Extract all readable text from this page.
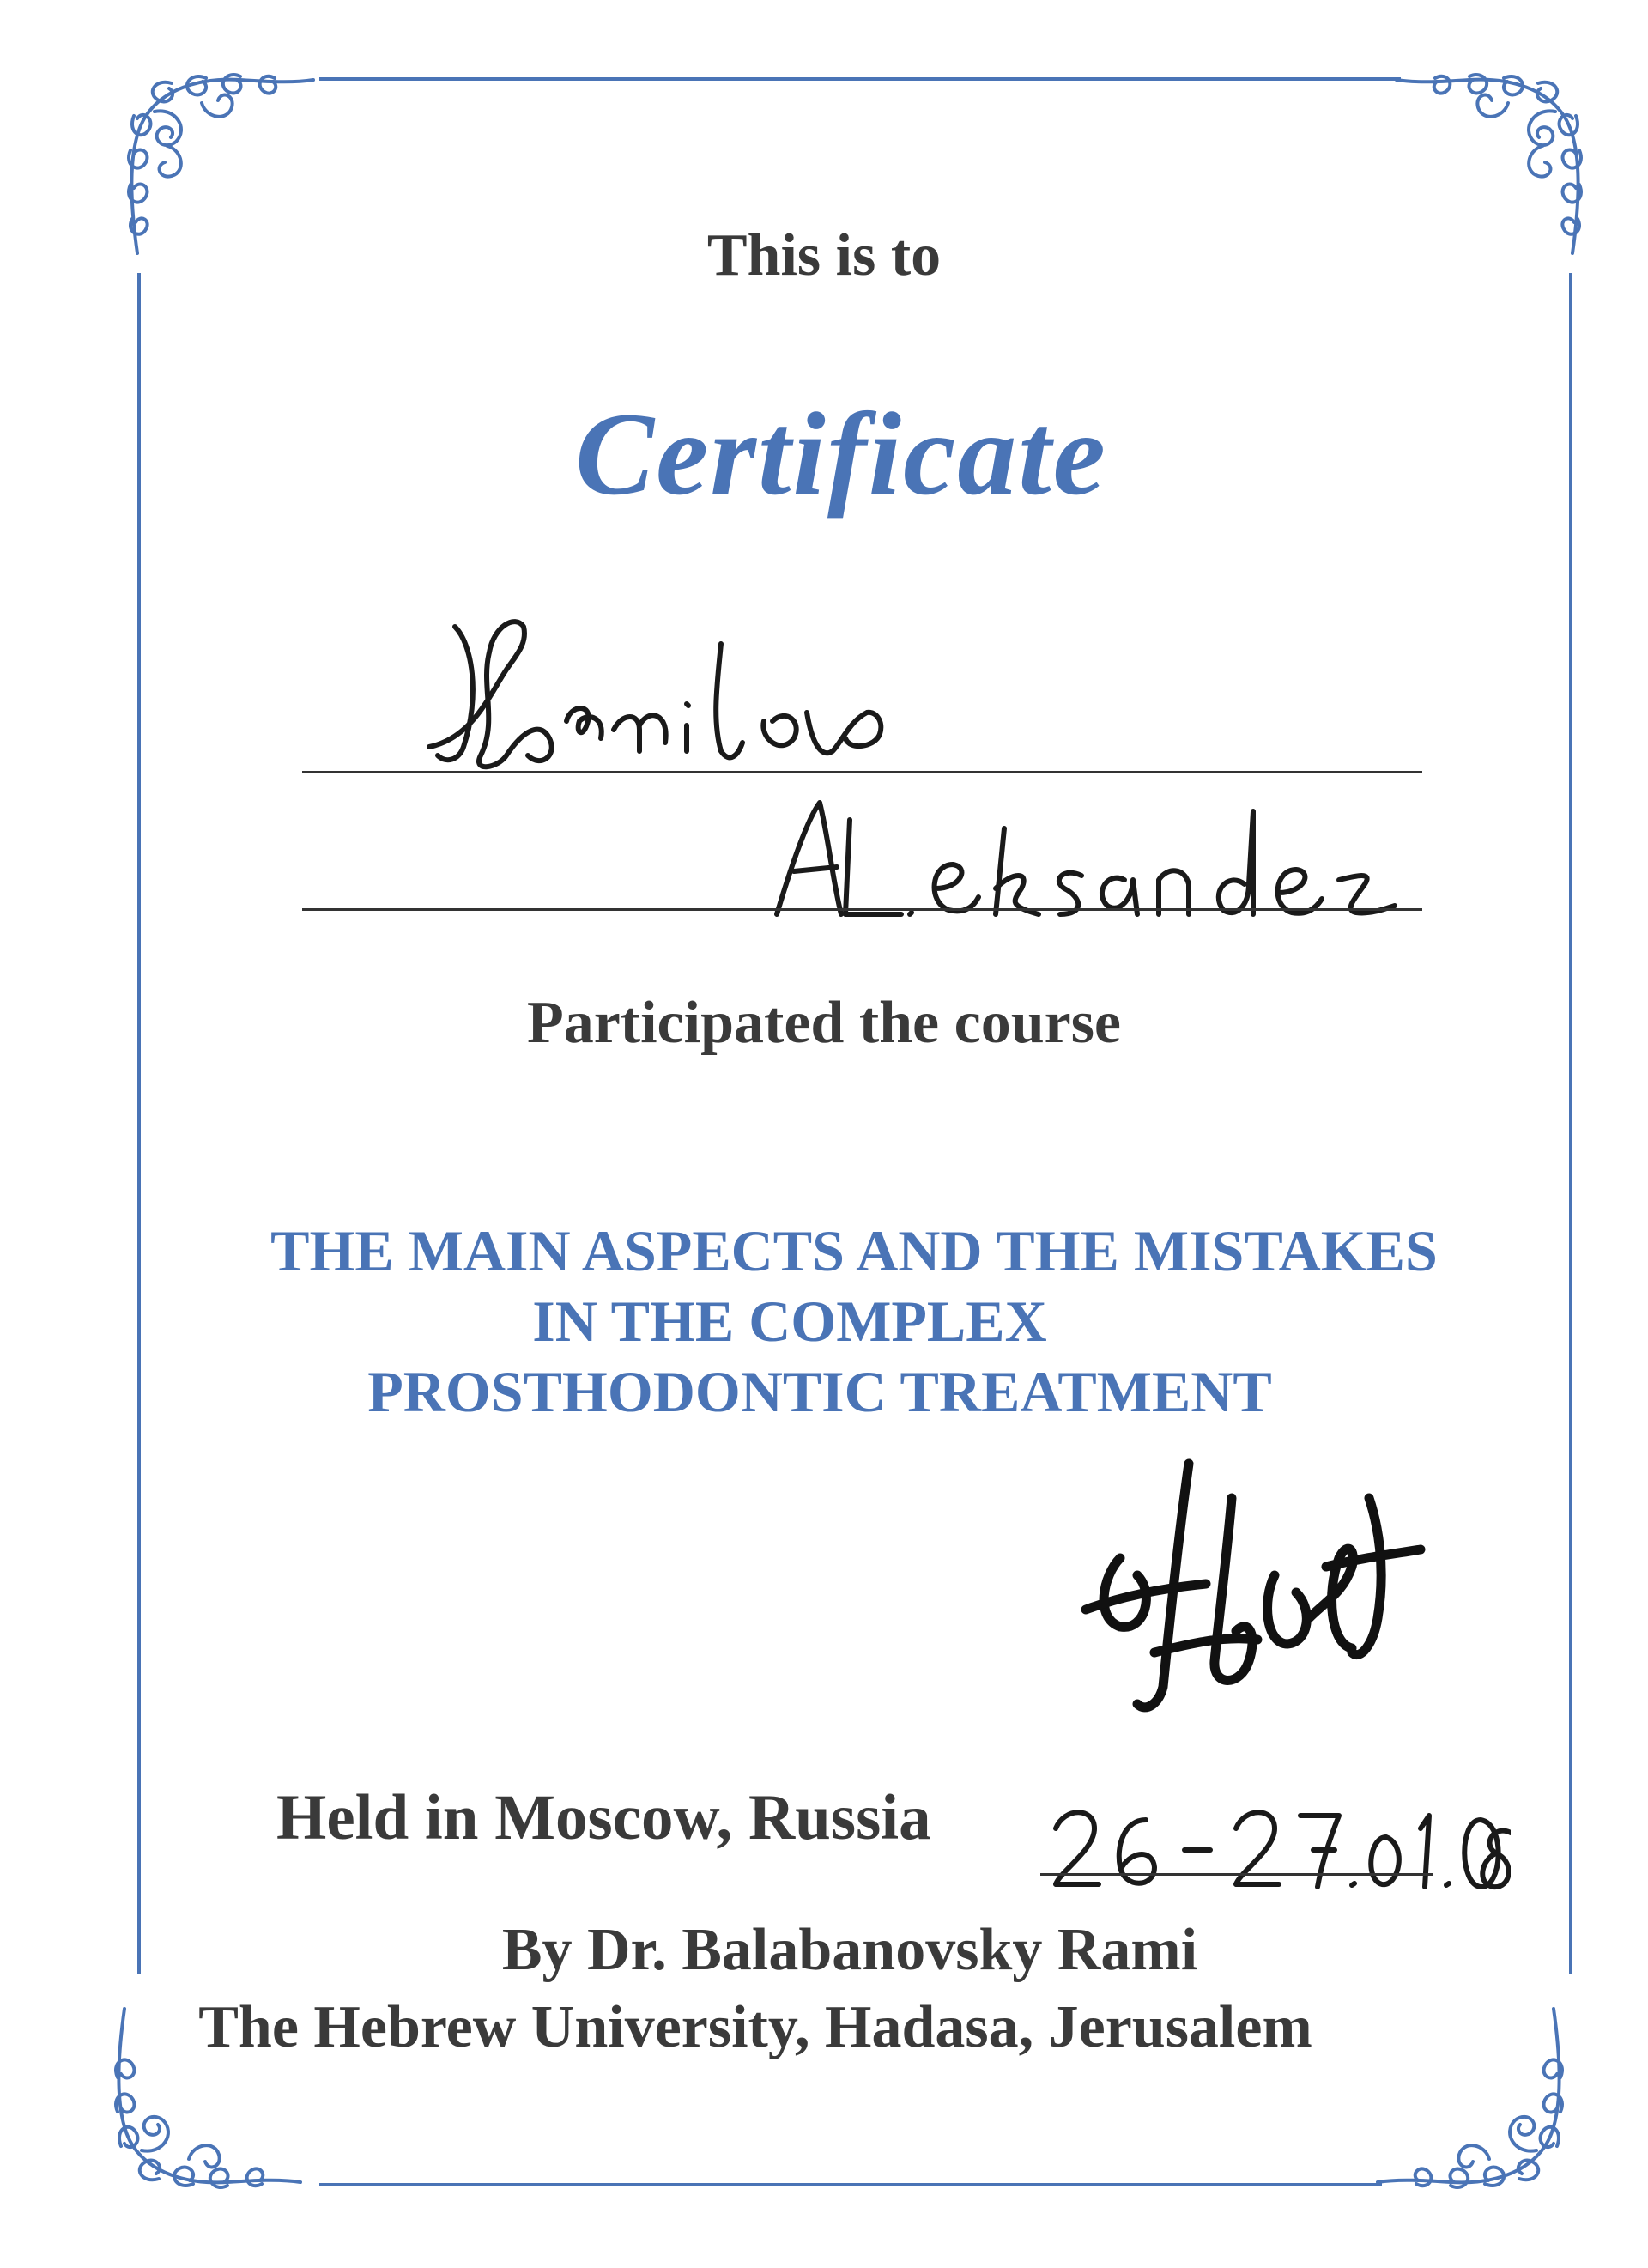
This is to
Certificate
Participated the course
THE MAIN ASPECTS AND THE MISTAKES
IN THE COMPLEX
PROSTHODONTIC TREATMENT
Held in Moscow, Russia
By Dr. Balabanovsky Rami
The Hebrew University, Hadasa, Jerusalem
